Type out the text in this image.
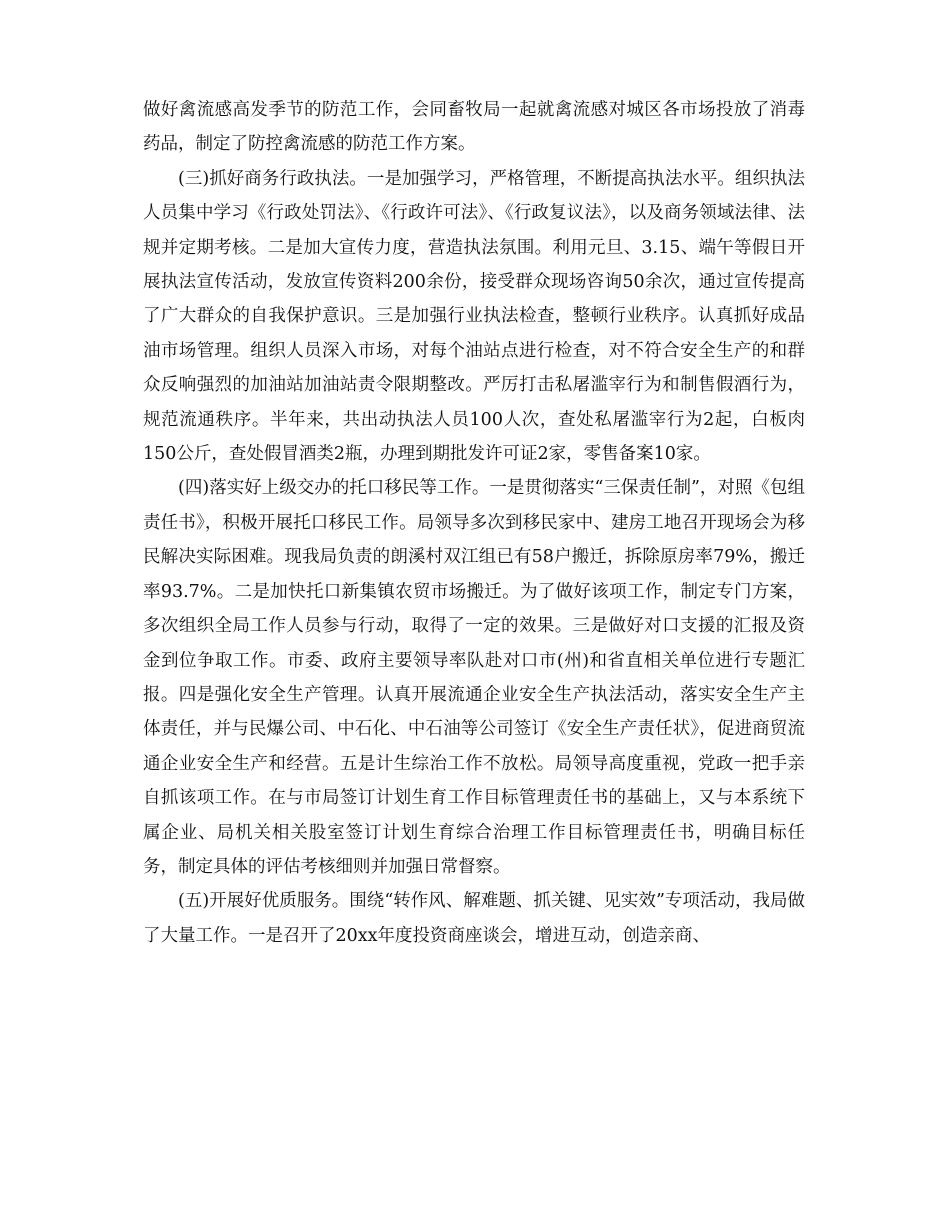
做好禽流感高发季节的防范工作，会同畜牧局一起就禽流感对城区各市场投放了消毒药品，制定了防控禽流感的防范工作方案。

(三)抓好商务行政执法。一是加强学习，严格管理，不断提高执法水平。组织执法人员集中学习《行政处罚法》、《行政许可法》、《行政复议法》，以及商务领域法律、法规并定期考核。二是加大宣传力度，营造执法氛围。利用元旦、3.15、端午等假日开展执法宣传活动，发放宣传资料200余份，接受群众现场咨询50余次，通过宣传提高了广大群众的自我保护意识。三是加强行业执法检查，整顿行业秩序。认真抓好成品油市场管理。组织人员深入市场，对每个油站点进行检查，对不符合安全生产的和群众反响强烈的加油站加油站责令限期整改。严厉打击私屠滥宰行为和制售假酒行为，规范流通秩序。半年来，共出动执法人员100人次，查处私屠滥宰行为2起，白板肉150公斤，查处假冒酒类2瓶，办理到期批发许可证2家，零售备案10家。

(四)落实好上级交办的托口移民等工作。一是贯彻落实“三保责任制”，对照《包组责任书》，积极开展托口移民工作。局领导多次到移民家中、建房工地召开现场会为移民解决实际困难。现我局负责的朗溪村双江组已有58户搬迁，拆除原房率79%，搬迁率93.7%。二是加快托口新集镇农贸市场搬迁。为了做好该项工作，制定专门方案，多次组织全局工作人员参与行动，取得了一定的效果。三是做好对口支援的汇报及资金到位争取工作。市委、政府主要领导率队赴对口市(州)和省直相关单位进行专题汇报。四是强化安全生产管理。认真开展流通企业安全生产执法活动，落实安全生产主体责任，并与民爆公司、中石化、中石油等公司签订《安全生产责任状》，促进商贸流通企业安全生产和经营。五是计生综治工作不放松。局领导高度重视，党政一把手亲自抓该项工作。在与市局签订计划生育工作目标管理责任书的基础上，又与本系统下属企业、局机关相关股室签订计划生育综合治理工作目标管理责任书，明确目标任务，制定具体的评估考核细则并加强日常督察。

(五)开展好优质服务。围绕“转作风、解难题、抓关键、见实效”专项活动，我局做了大量工作。一是召开了20xx年度投资商座谈会，增进互动，创造亲商、
